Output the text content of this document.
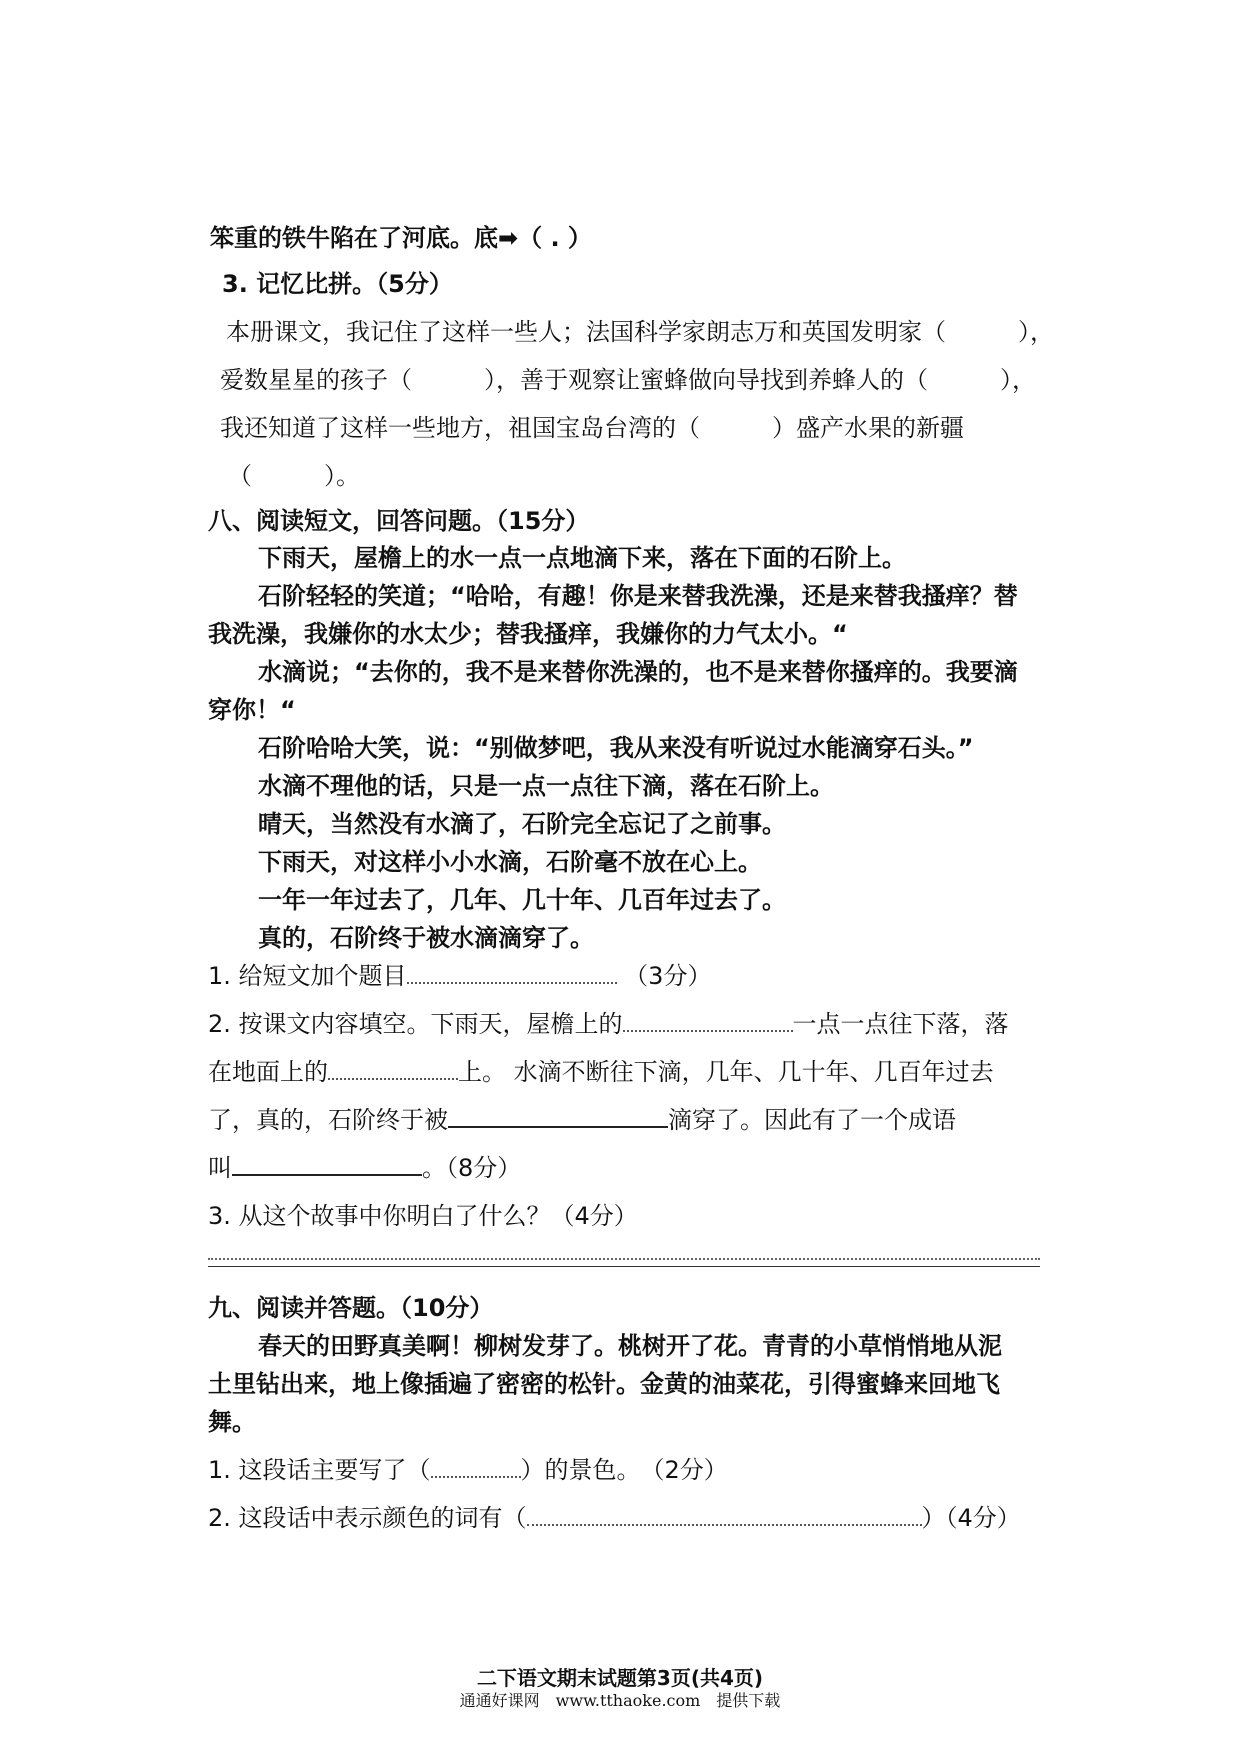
笨重的铁牛陷在了河底。底➡（ . ）
3. 记忆比拼。（5分）
本册课文，我记住了这样一些人；法国科学家朗志万和英国发明家（　　　），
爱数星星的孩子（　　　），善于观察让蜜蜂做向导找到养蜂人的（　　　），
我还知道了这样一些地方，祖国宝岛台湾的（　　　）盛产水果的新疆
（　　　）。
八、阅读短文，回答问题。（15分）
下雨天，屋檐上的水一点一点地滴下来，落在下面的石阶上。
石阶轻轻的笑道；“哈哈，有趣！你是来替我洗澡，还是来替我搔痒？替
我洗澡，我嫌你的水太少；替我搔痒，我嫌你的力气太小。“
水滴说；“去你的，我不是来替你洗澡的，也不是来替你搔痒的。我要滴
穿你！“
石阶哈哈大笑，说：“别做梦吧，我从来没有听说过水能滴穿石头。”
水滴不理他的话，只是一点一点往下滴，落在石阶上。
晴天，当然没有水滴了，石阶完全忘记了之前事。
下雨天，对这样小小水滴，石阶毫不放在心上。
一年一年过去了，几年、几十年、几百年过去了。
真的，石阶终于被水滴滴穿了。
1. 给短文加个题目	（3分）
2. 按课文内容填空。下雨天，屋檐上的	一点一点往下落，落
在地面上的	上。 水滴不断往下滴，几年、几十年、几百年过去
了，真的，石阶终于被	滴穿了。因此有了一个成语
叫	。（8分）
3. 从这个故事中你明白了什么？（4分）
九、阅读并答题。（10分）
春天的田野真美啊！柳树发芽了。桃树开了花。青青的小草悄悄地从泥
土里钻出来，地上像插遍了密密的松针。金黄的油菜花，引得蜜蜂来回地飞
舞。
1. 这段话主要写了（	）的景色。　（2分）
2. 这段话中表示颜色的词有（	）（4分）
二下语文期末试题第3页(共4页)
通通好课网　www.tthaoke.com　提供下载
